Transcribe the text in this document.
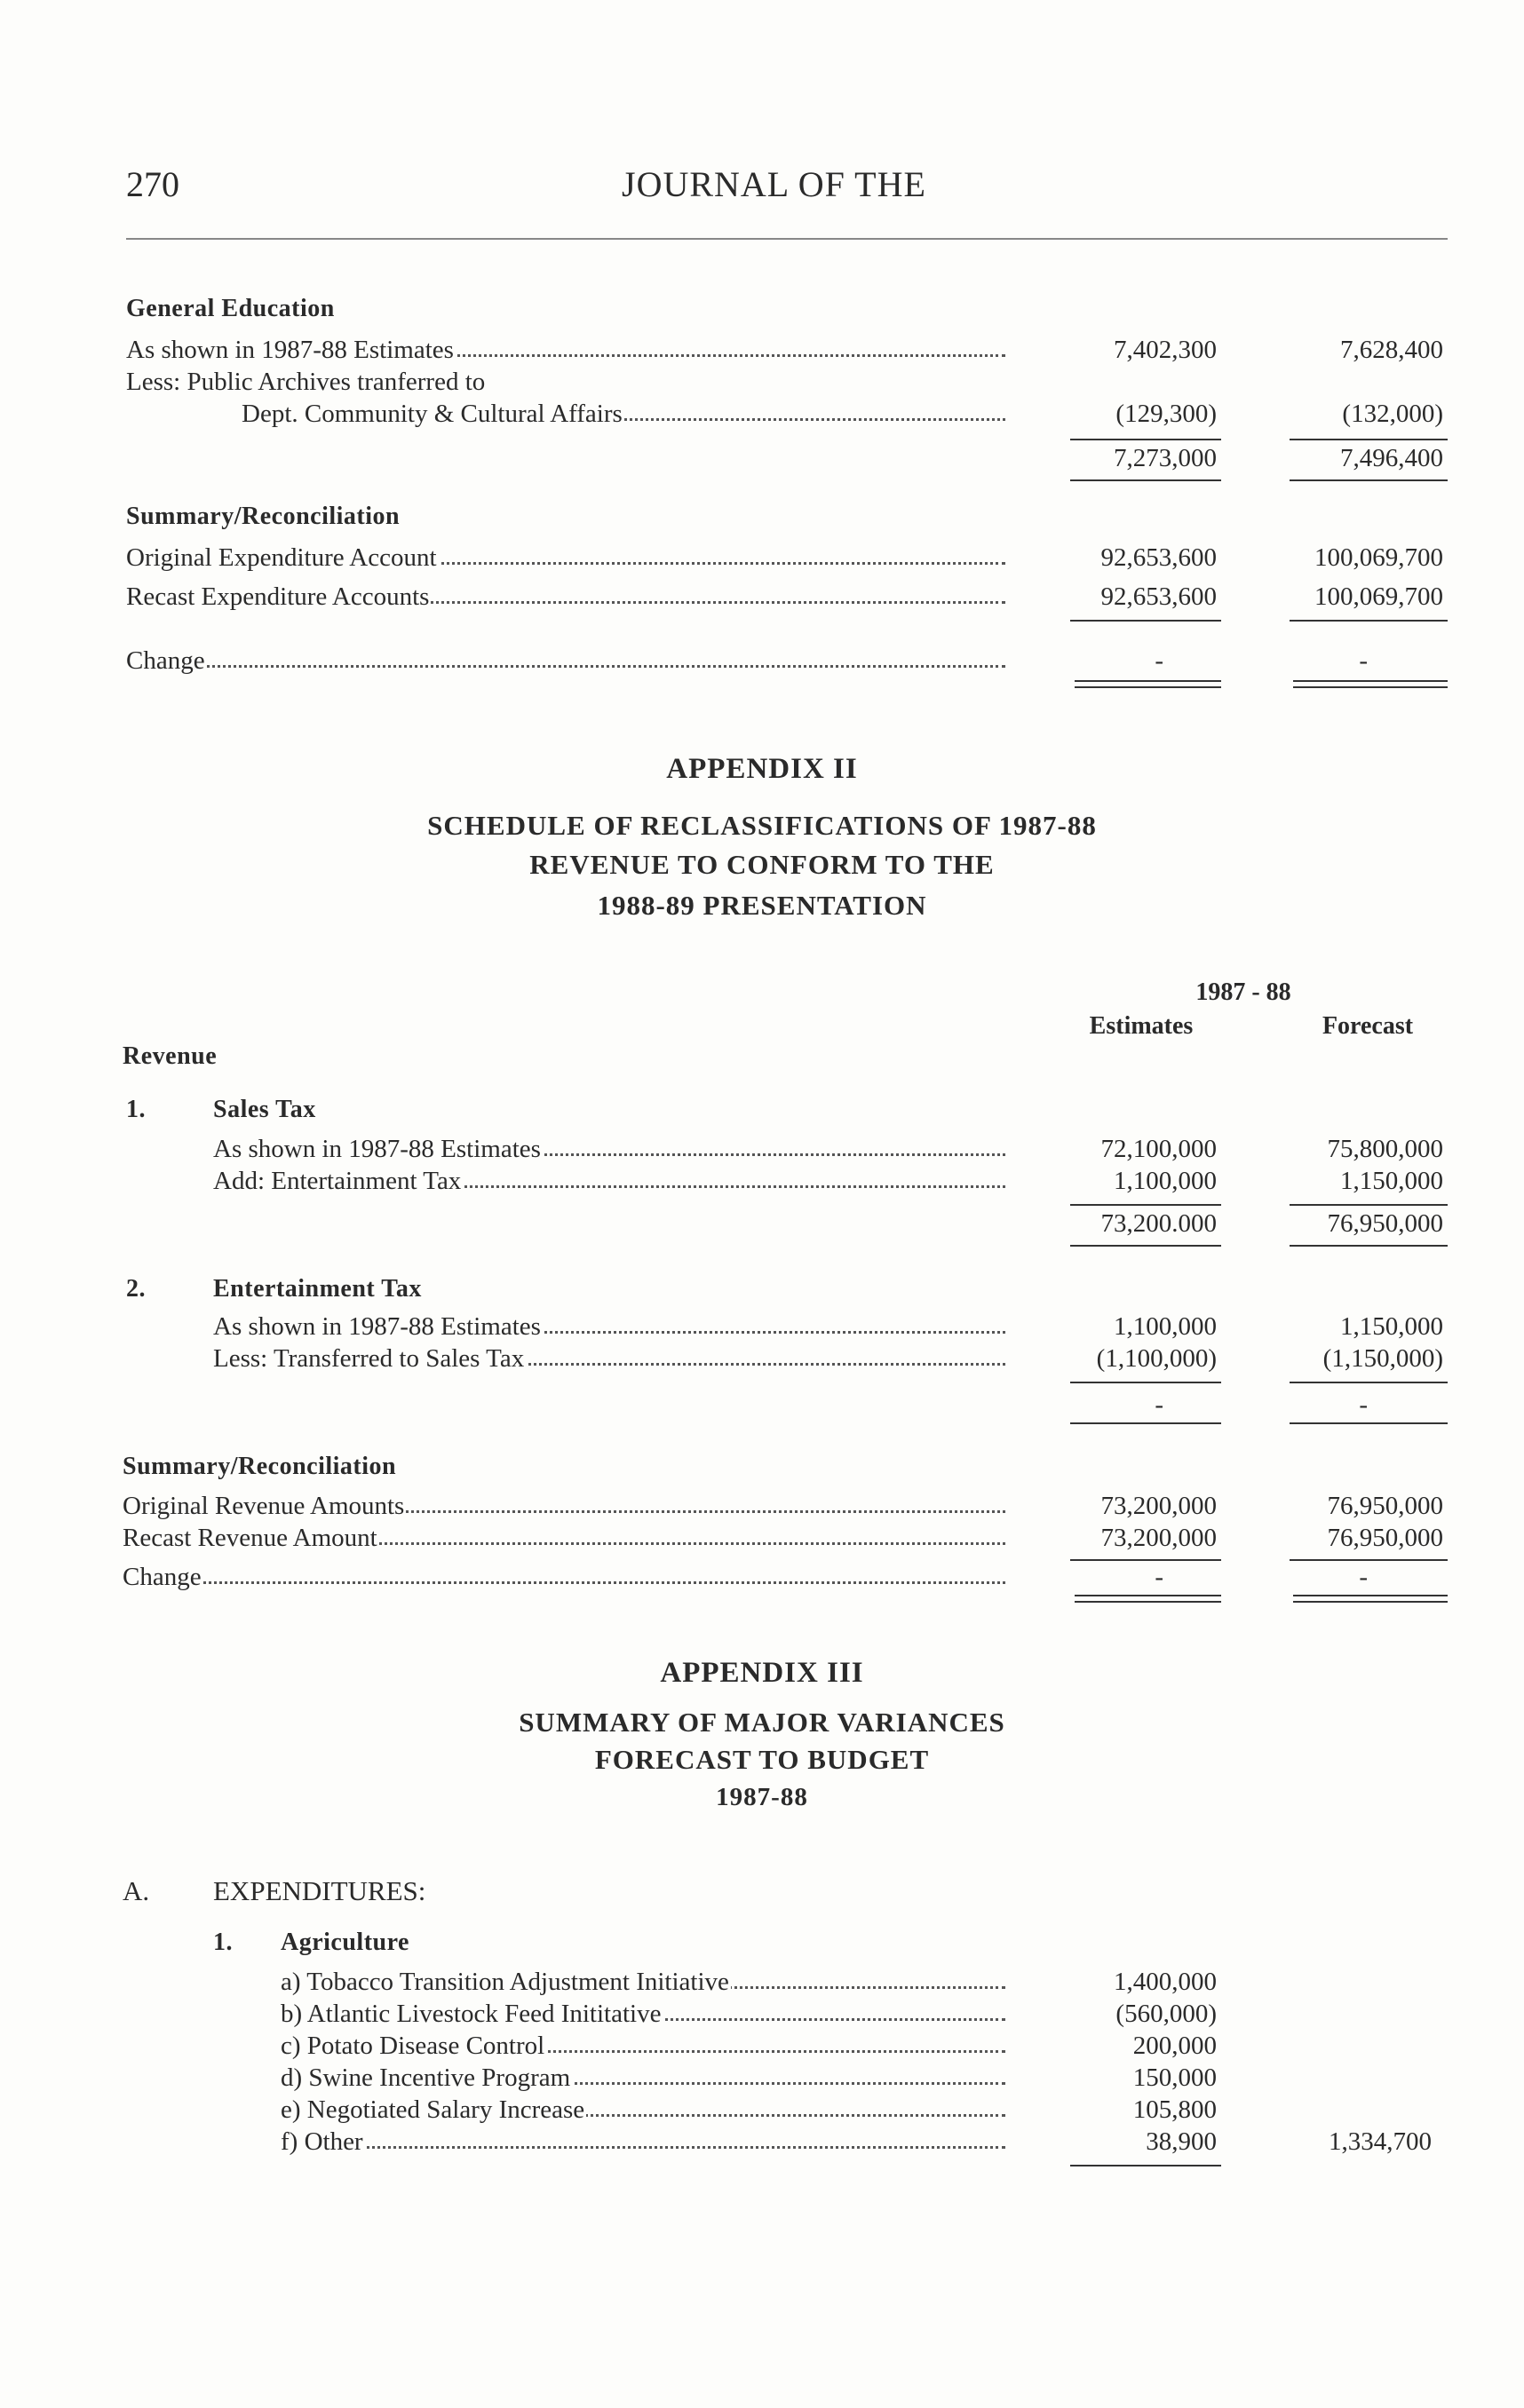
270	JOURNAL OF THE
General Education
As shown in 1987-88 Estimates	7,402,300	7,628,400
Less: Public Archives tranferred to
Dept. Community & Cultural Affairs	(129,300)	(132,000)
7,273,000	7,496,400
Summary/Reconciliation
Original Expenditure Account	92,653,600	100,069,700
Recast Expenditure Accounts	92,653,600	100,069,700
Change	-	-
APPENDIX II
SCHEDULE OF RECLASSIFICATIONS OF 1987-88
REVENUE TO CONFORM TO THE
1988-89 PRESENTATION
1987 - 88
Estimates	Forecast
Revenue
1.	Sales Tax
As shown in 1987-88 Estimates	72,100,000	75,800,000
Add: Entertainment Tax	1,100,000	1,150,000
73,200.000	76,950,000
2.	Entertainment Tax
As shown in 1987-88 Estimates	1,100,000	1,150,000
Less: Transferred to Sales Tax	(1,100,000)	(1,150,000)
-	-
Summary/Reconciliation
Original Revenue Amounts	73,200,000	76,950,000
Recast Revenue Amount	73,200,000	76,950,000
Change	-	-
APPENDIX III
SUMMARY OF MAJOR VARIANCES
FORECAST TO BUDGET
1987-88
A. EXPENDITURES:
1. Agriculture
a) Tobacco Transition Adjustment Initiative	1,400,000
b) Atlantic Livestock Feed Inititative	(560,000)
c) Potato Disease Control	200,000
d) Swine Incentive Program	150,000
e) Negotiated Salary Increase	105,800
f) Other	38,900	1,334,700
